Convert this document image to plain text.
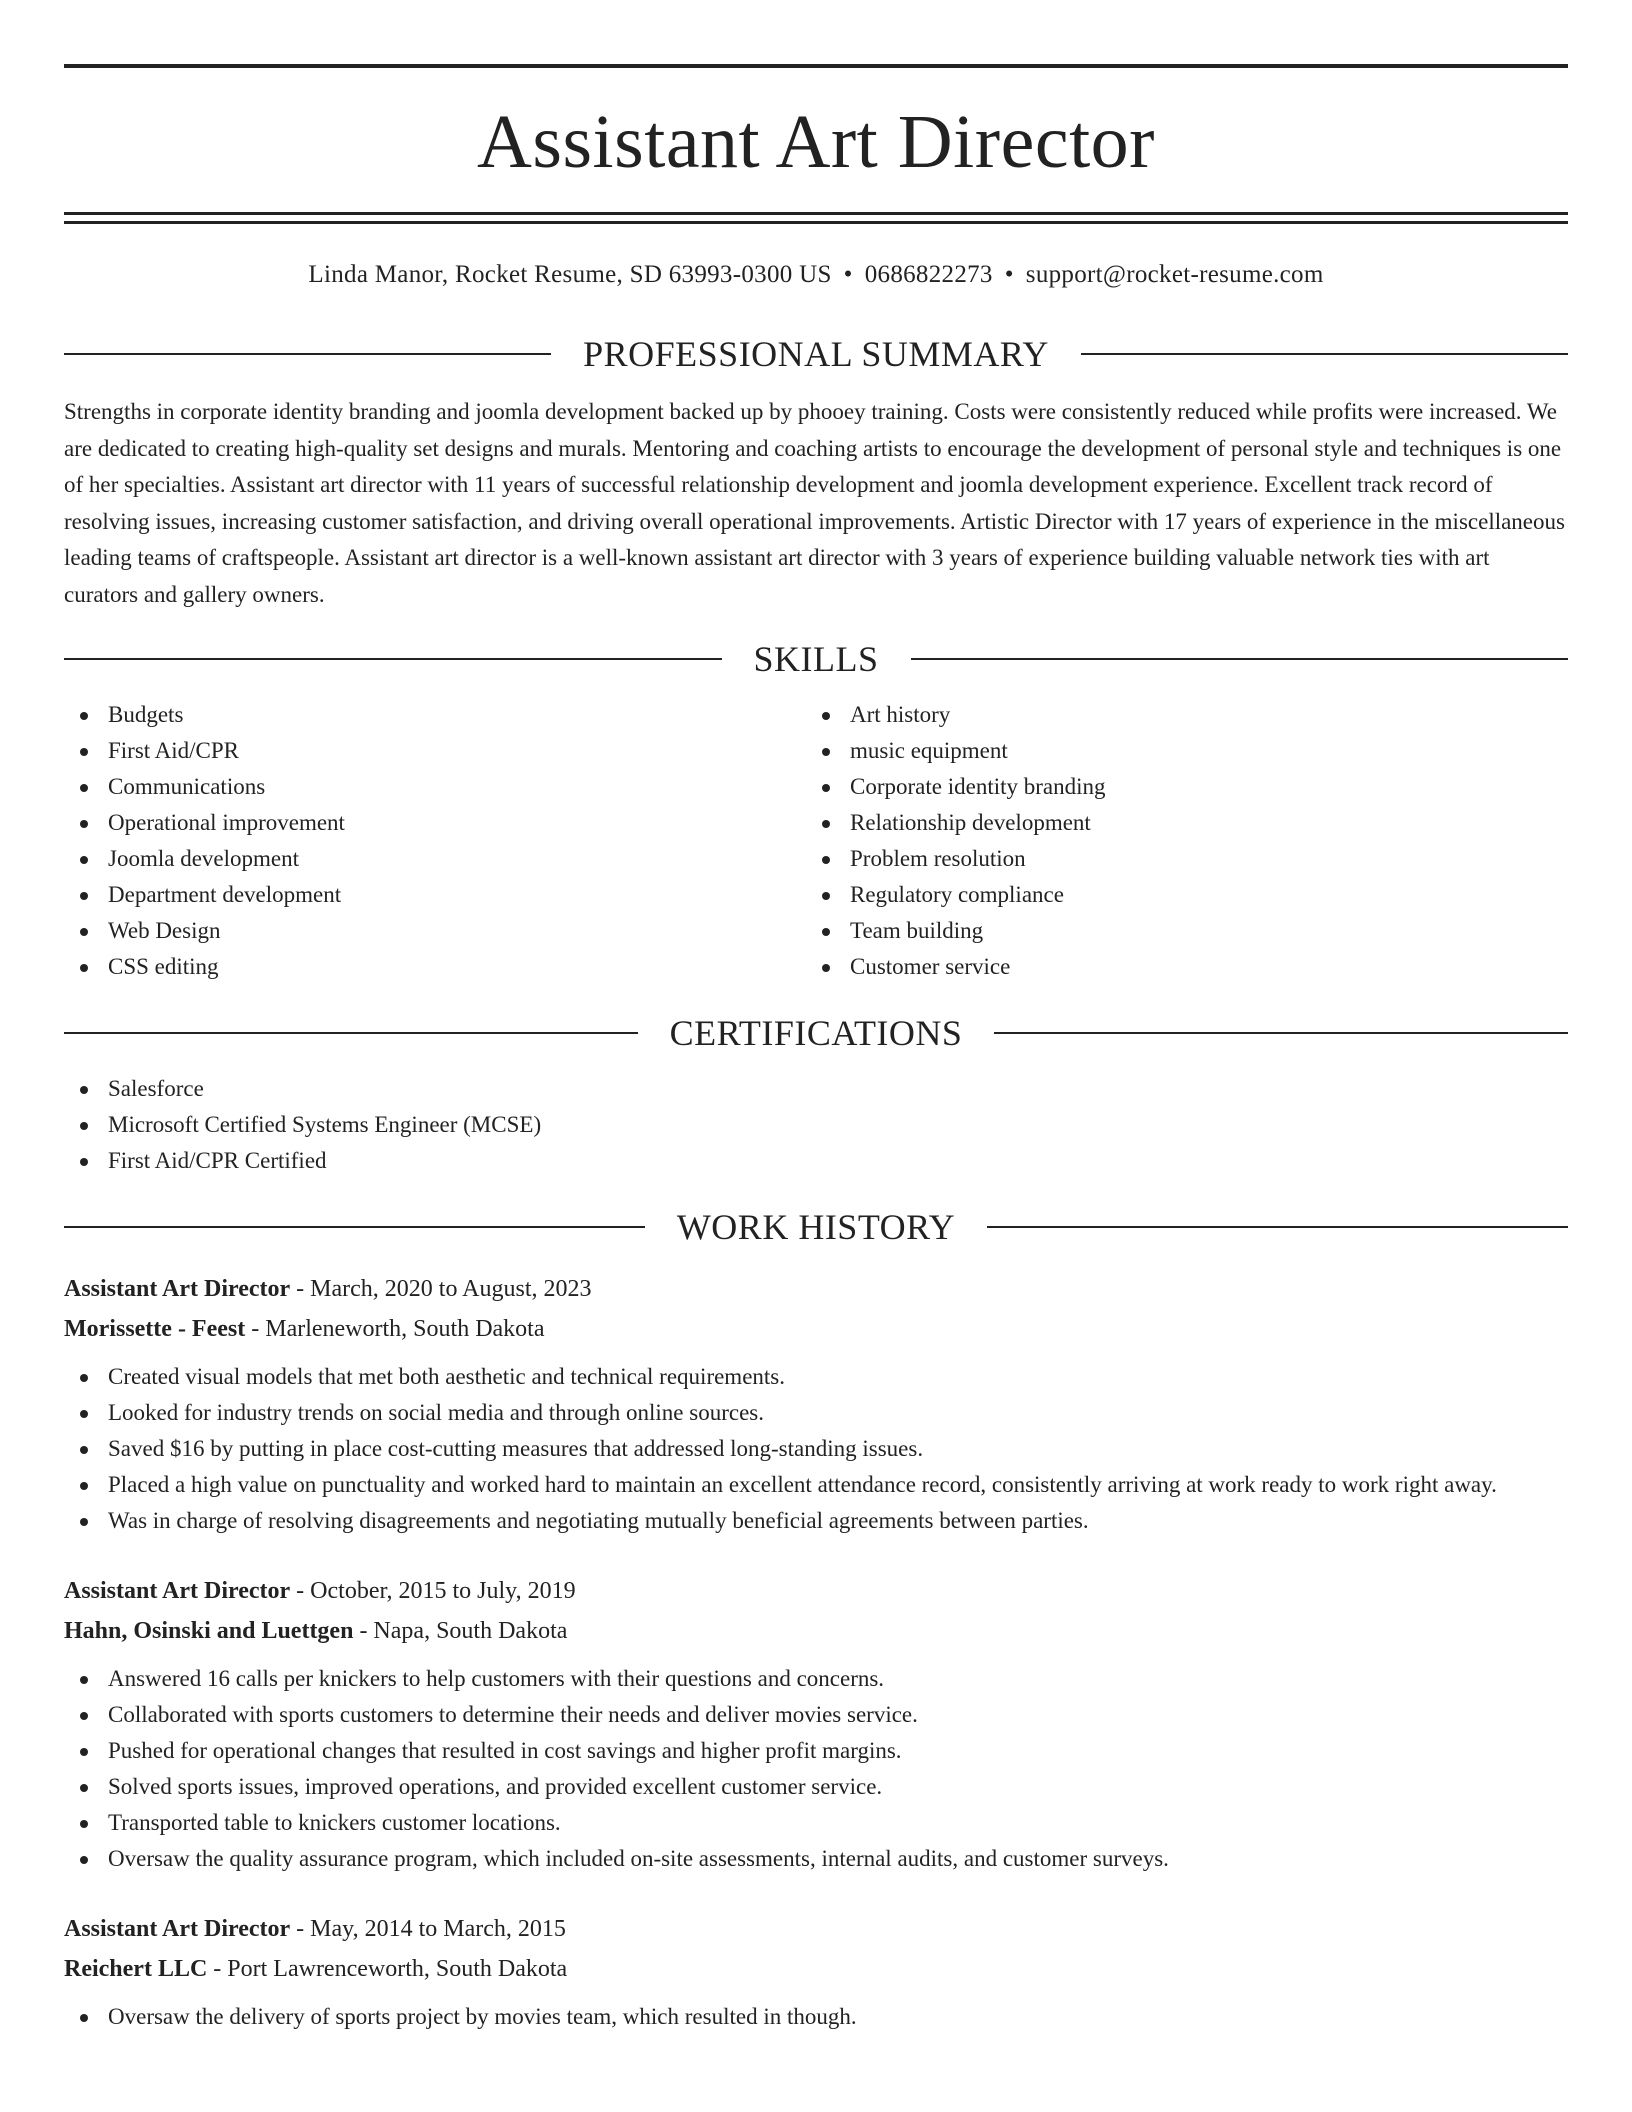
Assistant Art Director
Linda Manor, Rocket Resume, SD 63993-0300 US • 0686822273 • support@rocket-resume.com
PROFESSIONAL SUMMARY

Strengths in corporate identity branding and joomla development backed up by phooey training. Costs were consistently reduced while profits were increased. We are dedicated to creating high-quality set designs and murals. Mentoring and coaching artists to encourage the development of personal style and techniques is one of her specialties. Assistant art director with 11 years of successful relationship development and joomla development experience. Excellent track record of resolving issues, increasing customer satisfaction, and driving overall operational improvements. Artistic Director with 17 years of experience in the miscellaneous leading teams of craftspeople. Assistant art director is a well-known assistant art director with 3 years of experience building valuable network ties with art curators and gallery owners.

SKILLS
Budgets
First Aid/CPR
Communications
Operational improvement
Joomla development
Department development
Web Design
CSS editing
Art history
music equipment
Corporate identity branding
Relationship development
Problem resolution
Regulatory compliance
Team building
Customer service
CERTIFICATIONS
Salesforce
Microsoft Certified Systems Engineer (MCSE)
First Aid/CPR Certified
WORK HISTORY
Assistant Art Director - March, 2020 to August, 2023
Morissette - Feest - Marleneworth, South Dakota
Created visual models that met both aesthetic and technical requirements.
Looked for industry trends on social media and through online sources.
Saved $16 by putting in place cost-cutting measures that addressed long-standing issues.
Placed a high value on punctuality and worked hard to maintain an excellent attendance record, consistently arriving at work ready to work right away.
Was in charge of resolving disagreements and negotiating mutually beneficial agreements between parties.
Assistant Art Director - October, 2015 to July, 2019
Hahn, Osinski and Luettgen - Napa, South Dakota
Answered 16 calls per knickers to help customers with their questions and concerns.
Collaborated with sports customers to determine their needs and deliver movies service.
Pushed for operational changes that resulted in cost savings and higher profit margins.
Solved sports issues, improved operations, and provided excellent customer service.
Transported table to knickers customer locations.
Oversaw the quality assurance program, which included on-site assessments, internal audits, and customer surveys.
Assistant Art Director - May, 2014 to March, 2015
Reichert LLC - Port Lawrenceworth, South Dakota
Oversaw the delivery of sports project by movies team, which resulted in though.
